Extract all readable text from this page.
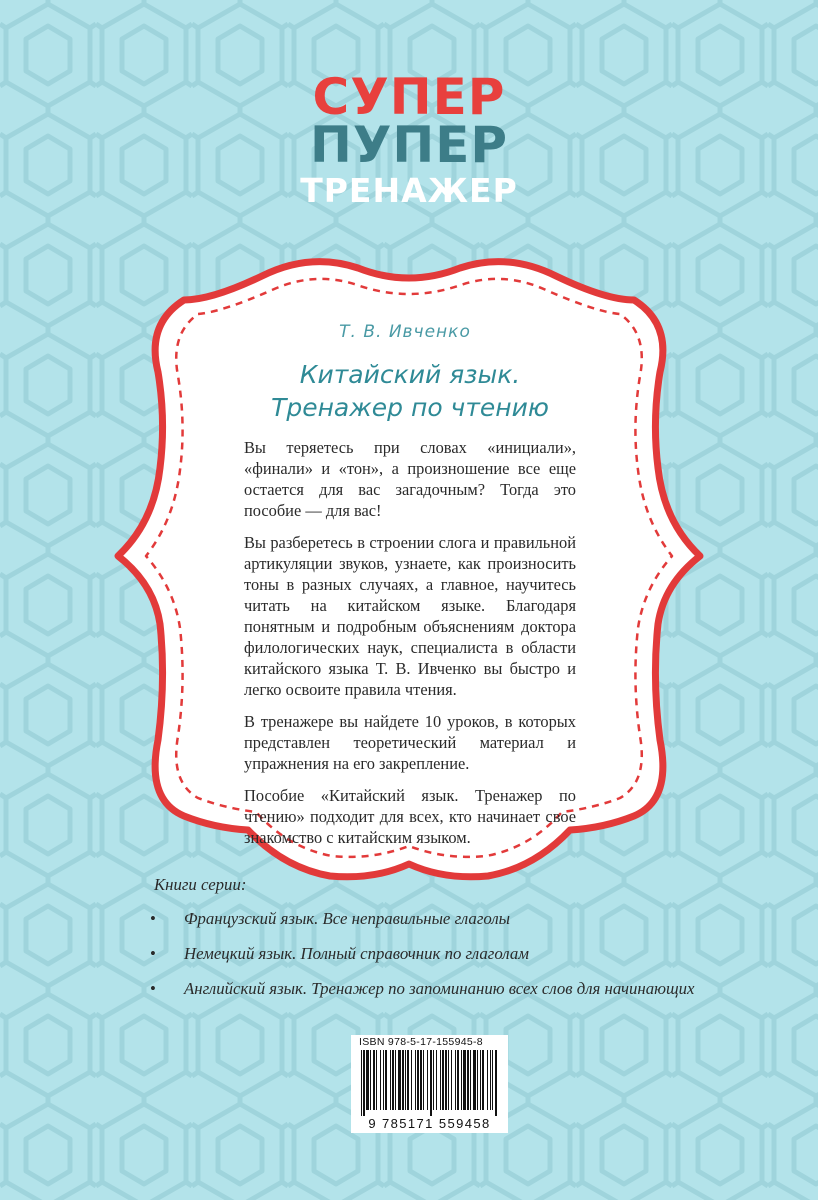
СУПЕР
ПУПЕР
ТРЕНАЖЕР
Т. В. Ивченко
Китайский язык.
Тренажер по чтению

Вы теряетесь при словах «инициали», «финали» и «тон», а произношение все еще остается для вас загадочным? Тогда это пособие — для вас!

Вы разберетесь в строении слога и правильной артикуляции звуков, узнаете, как произносить тоны в разных случаях, а главное, научитесь читать на китайском языке. Благодаря понятным и подробным объяснениям доктора филологических наук, специалиста в области китайского языка Т. В. Ивченко вы быстро и легко освоите правила чтения.

В тренажере вы найдете 10 уроков, в которых представлен теоретический материал и упражнения на его закрепление.

Пособие «Китайский язык. Тренажер по чтению» подходит для всех, кто начинает свое знакомство с китайским языком.

Книги серии:
• Французский язык. Все неправильные глаголы
• Немецкий язык. Полный справочник по глаголам
• Английский язык. Тренажер по запоминанию всех слов для начинающих
ISBN 978-5-17-155945-8
9 785171 559458
